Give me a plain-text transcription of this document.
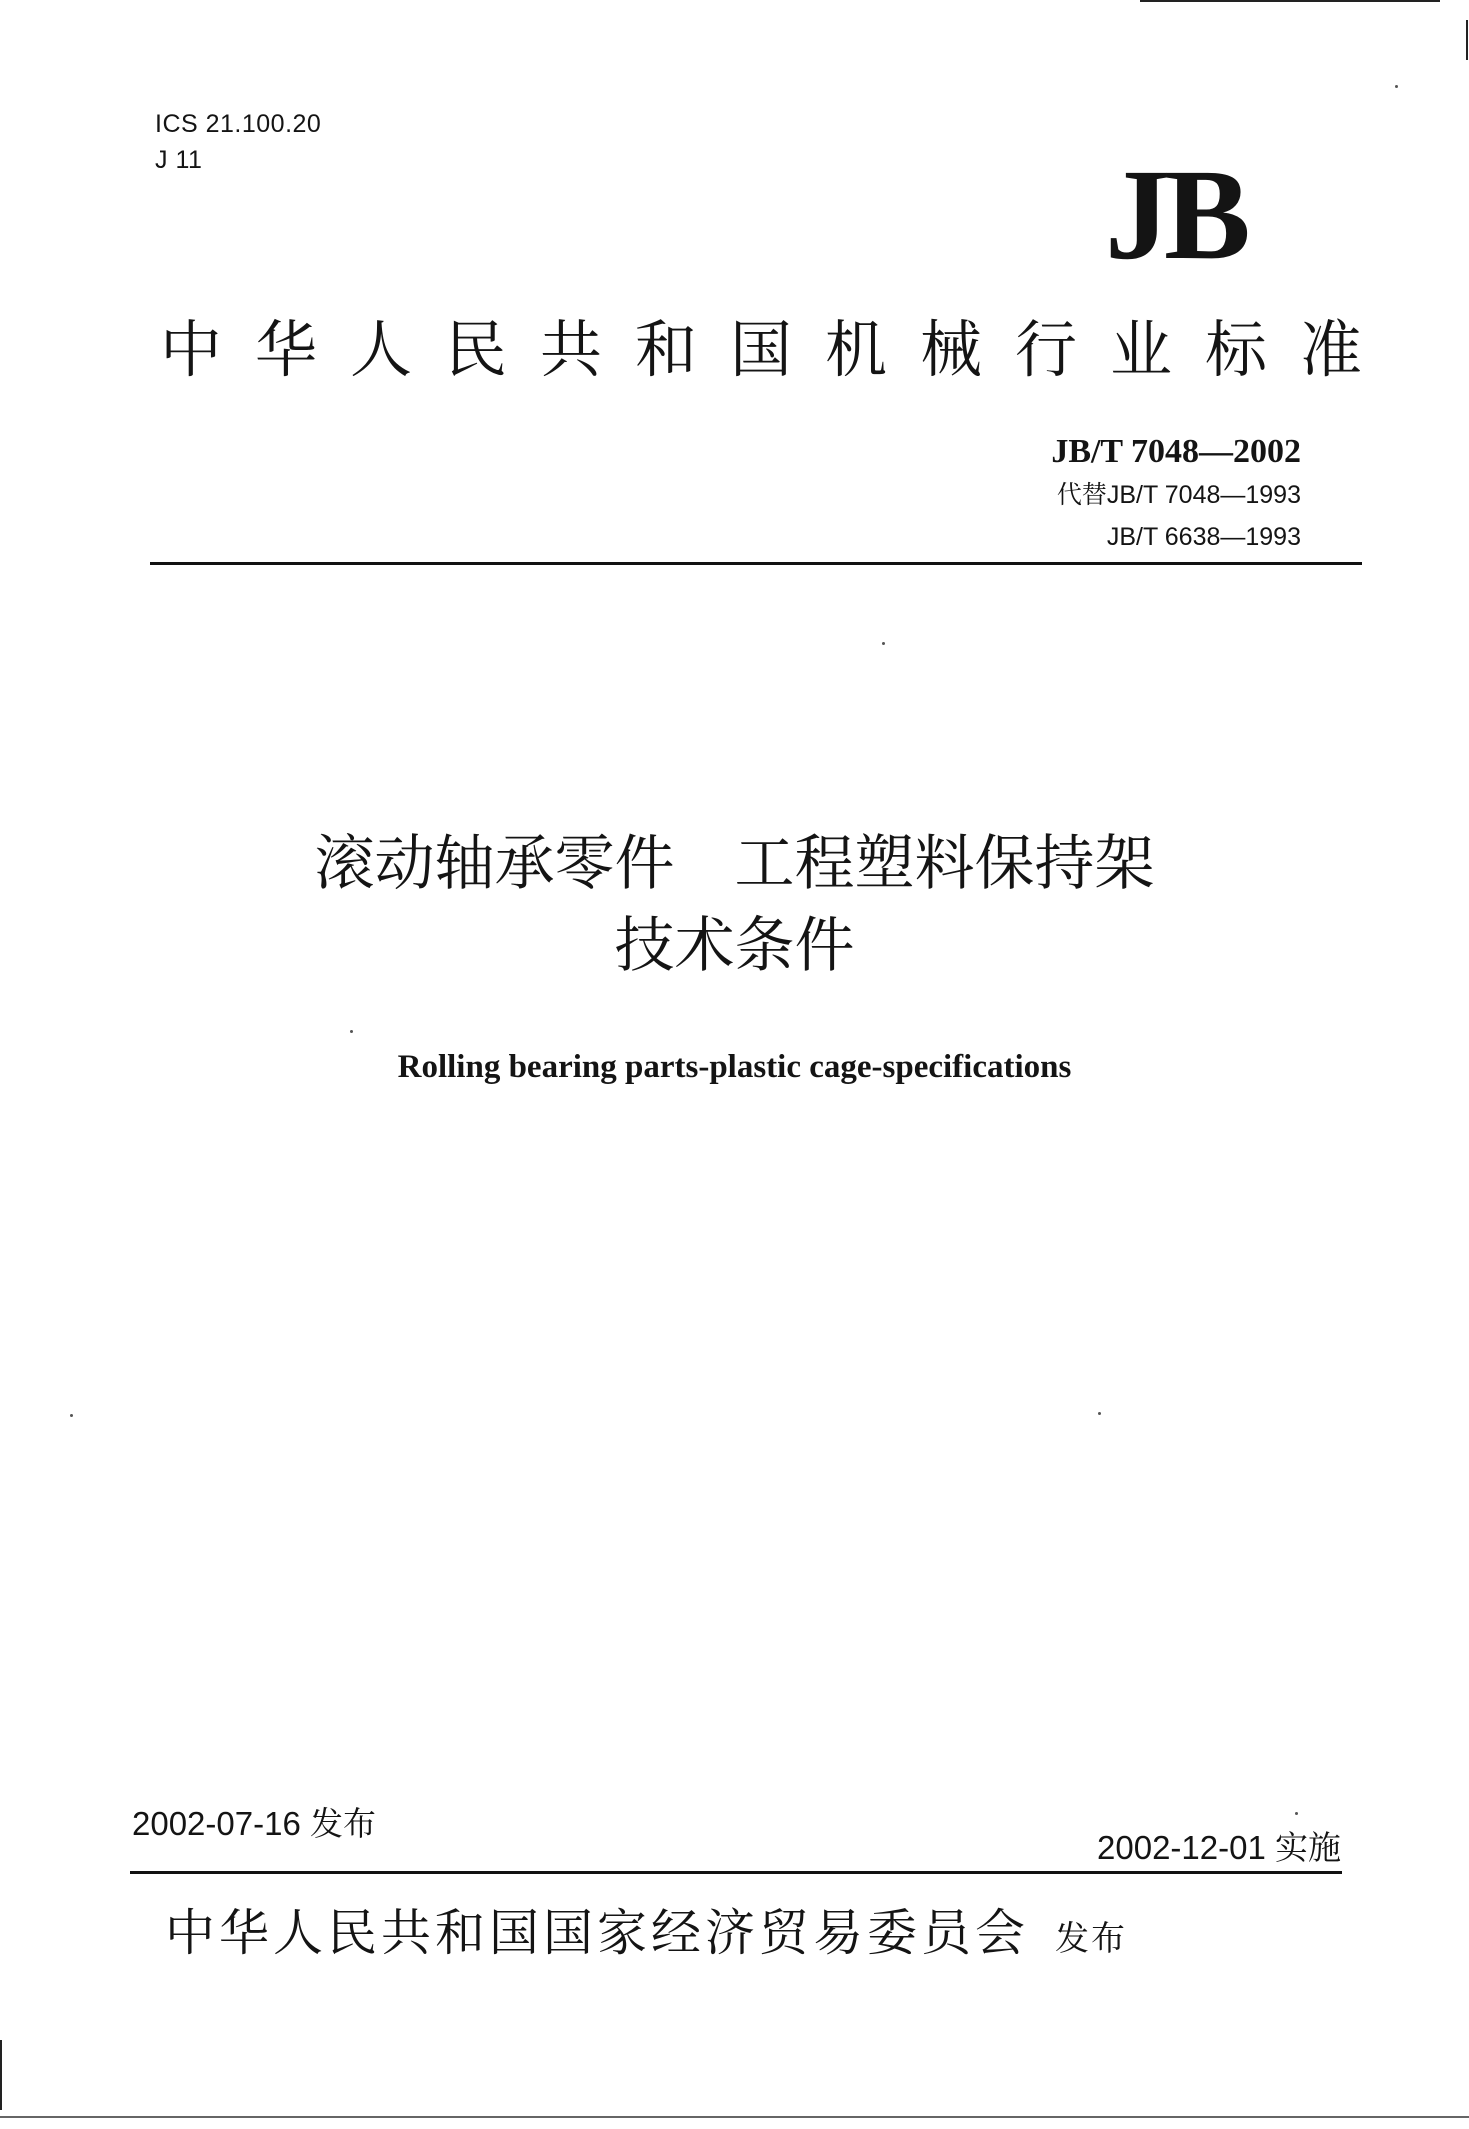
ICS 21.100.20
J 11	JB
中华人民共和国机械行业标准
JB/T 7048—2002
代替JB/T 7048—1993
JB/T 6638—1993
滚动轴承零件 工程塑料保持架
技术条件
Rolling bearing parts-plastic cage-specifications
2002-07-16 发布
2002-12-01 实施
中华人民共和国国家经济贸易委员会 发布
